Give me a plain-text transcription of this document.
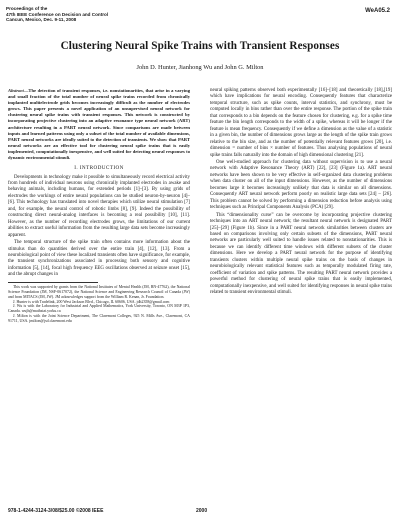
Proceedings of the
47th IEEE Conference on Decision and Control
Cancun, Mexico, Dec. 9-11, 2008
WeA05.2
Clustering Neural Spike Trains with Transient Responses
John D. Hunter, Jianhong Wu and John G. Milton
Abstract—The detection of transient responses, i.e. nonstationarities, that arise in a varying and small fraction of the total number of neural spike trains recorded from chronically implanted multielectrode grids becomes increasingly difficult as the number of electrodes grows. This paper presents a novel application of an unsupervised neural network for clustering neural spike trains with transient responses. This network is constructed by incorporating projective clustering into an adaptive resonance type neural network (ART) architecture resulting in a PART neural network. Since comparisons are made between inputs and learned patterns using only a subset of the total number of available dimensions, PART neural networks are ideally suited to the detection of transients. We show that PART neural networks are an effective tool for clustering neural spike trains that is easily implemented, computationally inexpensive, and well suited for detecting neural responses to dynamic environmental stimuli.
I. INTRODUCTION

Developments in technology make it possible to simultaneously record electrical activity from hundreds of individual neurons using chronically implanted electrodes in awake and behaving animals, including humans, for extended periods [1]–[3]. By using grids of electrodes the workings of entire neural populations can be studied neuron-by-neuron [4]–[6]. This technology has translated into novel therapies which utilize neural stimulation [7] and, for example, the neural control of robotic limbs [8], [9]. Indeed the possibility of constructing direct neural-analog interfaces is becoming a real possibility [10], [11]. However, as the number of recording electrodes grows, the limitations of our current abilities to extract useful information from the resulting large data sets become increasingly apparent.

The temporal structure of the spike train often contains more information about the stimulus than do quantities derived over the entire train [4], [12], [13]. From a neurobiological point of view these localized transients often have significance, for example, the transient synchronizations associated in processing both sensory and cognitive information [5], [14], focal high frequency EEG oscillations observed at seizure onset [15], and the abrupt changes in

This work was supported by grants from the National Institutes of Mental Health (JM, RN-47762), the National Science Foundation (JM, NSF-0617072), the National Science and Engineering Research Council of Canada (JW) and from MITACS (JM, JW). JM acknowledges support from the William R. Kenan, Jr. Foundation.

J. Hunter is with Tradelink, 200 West Jackson Blvd., Chicago, IL 60606, USA. jdh2358@gmail.com

J. Wu is with the Laboratory for Industrial and Applied Mathematics, York University, Toronto, ON M3P 1P3, Canada. wujh@mathstat.yorku.ca

J. Milton is with the Joint Science Department, The Claremont Colleges, 925 N. Mills Ave., Claremont, CA 91711, USA. jmilton@jsd.claremont.edu

neural spiking patterns observed both experimentally [16]–[18] and theoretically [18],[19] which have implications for neural encoding. Consequently features that characterize temporal structure, such as spike counts, interval statistics, and synchrony, must be computed locally in bins rather than over the entire response. The portion of the spike train that corresponds to a bin depends on the feature chosen for clustering, e.g. for a spike time feature the bin length corresponds to the width of a spike, whereas it will be longer if the feature is mean frequency. Consequently if we define a dimension as the value of a statistic in a given bin, the number of dimensions grows large as the length of the spike train grows relative to the bin size, and as the number of potentially relevant features grows [20], i.e. dimension = number of bins × number of features. Thus analysing populations of neural spike trains falls naturally into the domain of high dimensional clustering [21].

One well-studied approach for clustering data without supervision is to use a neural network with Adaptive Resonance Theory (ART) [22], [23] (Figure 1a). ART neural networks have been shown to be very effective in self-organized data clustering problems when data cluster on all of the input dimensions. However, as the number of dimensions becomes large it becomes increasingly unlikely that data is similar on all dimensions. Consequently ART neural network perform poorly on realistic large data sets [24] – [26]. This problem cannot be solved by performing a dimension reduction before analysis using techniques such as Principal Components Analysis (PCA) [29].

This “dimensionality curse” can be overcome by incorporating projective clustering techniques into an ART neural network; the resultant neural network is designated PART [25]–[29] (Figure 1b). Since in a PART neural network similarities between clusters are based on comparisons involving only certain subsets of the dimensions, PART neural networks are particularly well suited to handle issues related to nonstationarities. This is because we can identify different time windows with different subsets of the cluster dimensions. Here we develop a PART neural network for the purpose of identifying transients clusters within multiple neural spike trains on the basis of changes in neurobiologically relevant statistical features such as temporally modulated firing rate, coefficient of variation and spike patterns. The resulting PART neural network provides a powerful method for clustering of neural spike trains that is easily implemented, computationally inexpensive, and well suited for identifying responses in neural spike trains related to transient environmental stimuli.

978-1-4244-3124-3/08/$25.00 ©2008 IEEE	2000
